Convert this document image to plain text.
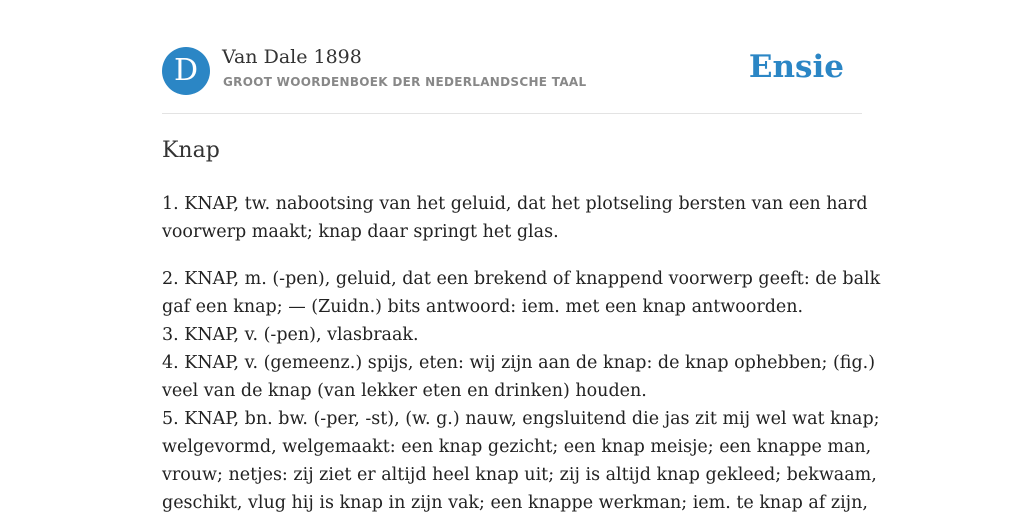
D	Van Dale 1898
GROOT WOORDENBOEK DER NEDERLANDSCHE TAAL	Ensie
Knap

1. KNAP, tw. nabootsing van het geluid, dat het plotseling bersten van een hard
voorwerp maakt; knap daar springt het glas.

2. KNAP, m. (-pen), geluid, dat een brekend of knappend voorwerp geeft: de balk
gaf een knap; — (Zuidn.) bits antwoord: iem. met een knap antwoorden.
3. KNAP, v. (-pen), vlasbraak.
4. KNAP, v. (gemeenz.) spijs, eten: wij zijn aan de knap: de knap ophebben; (fig.)
veel van de knap (van lekker eten en drinken) houden.
5. KNAP, bn. bw. (-per, -st), (w. g.) nauw, engsluitend die jas zit mij wel wat knap;
welgevormd, welgemaakt: een knap gezicht; een knap meisje; een knappe man,
vrouw; netjes: zij ziet er altijd heel knap uit; zij is altijd knap gekleed; bekwaam,
geschikt, vlug hij is knap in zijn vak; een knappe werkman; iem. te knap af zijn,
